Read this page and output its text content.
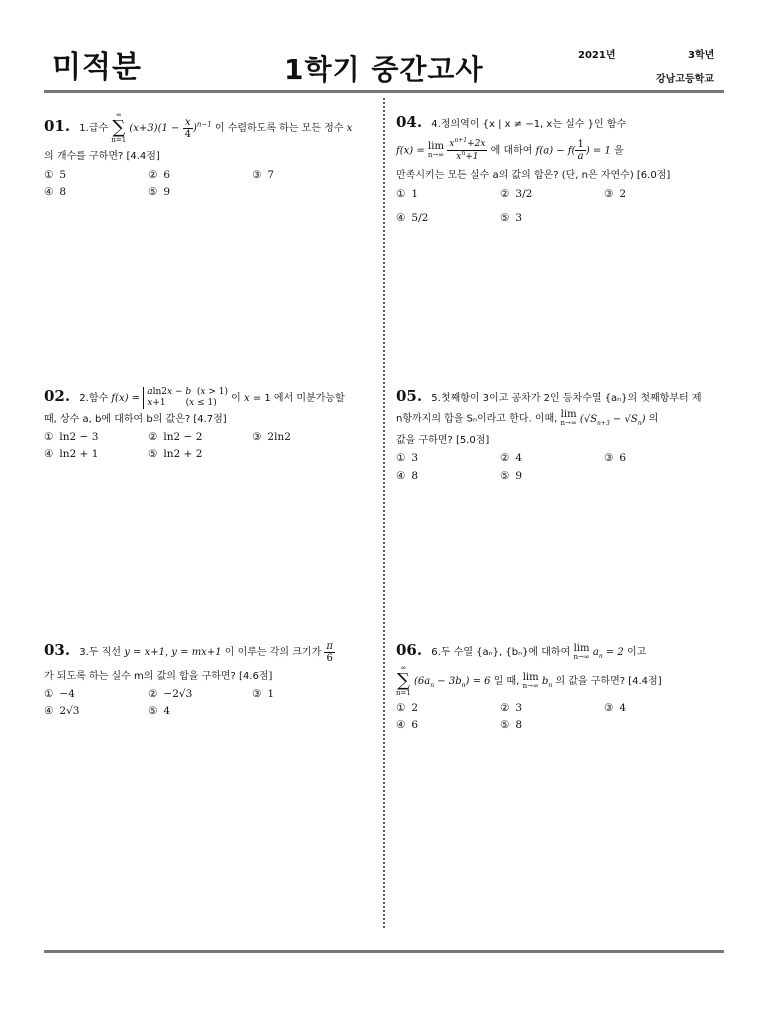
미적분	1학기 중간고사	2021년	3학년
강남고등학교
01. 1.급수
∞
∑
n=1
$(x+3)(1 - \frac{x}{4} )^{n-1}$ 이 수렴하도록 하는 모든 정수 x
의 개수를 구하면? [4.4점]
① 5	② 6	③ 7
④ 8	⑤ 9
02. 2.함수 f(x) = aln2x − b  (x > 1)
x+1       (x ≤ 1) 이 x = 1 에서 미분가능할
때, 상수 a, b에 대하여 b의 값은? [4.7점]
① ln2 − 3	② ln2 − 2	③ 2ln2
④ ln2 + 1	⑤ ln2 + 2
03. 3.두 직선 y = x+1, y = mx+1 이 이루는 각의 크기가 $\frac{\pi}{6}$
가 되도록 하는 실수 m의 값의 합을 구하면? [4.6점]
① −4	② −2√3	③ 1
④ 2√3	⑤ 4
04. 4.정의역이 {x | x ≠ −1, x는 실수 }인 함수
f(x) = lim
n→∞
$\frac{x^{n+1}+2x}{x^n+1}$ 에 대하여 $f(a) - f( \frac{1}{a}$ ) = 1 을
만족시키는 모든 실수 a의 값의 합은? (단, n은 자연수) [6.0점]
① 1	② 3/2	③ 2
④ 5/2	⑤ 3
05. 5.첫째항이 3이고 공차가 2인 등차수열 {aₙ}의 첫째항부터 제
n항까지의 합을 Sₙ이라고 한다. 이때, lim
n→∞ $(√S_{n+3} - √S_n)$ 의
값을 구하면? [5.0점]
① 3	② 4	③ 6
④ 8	⑤ 9
06. 6.두 수열 {aₙ}, {bₙ}에 대하여 lim
n→∞ $a_n = 2$ 이고
∞
∑
n=1
$(6a_n - 3b_n) = 6$ 일 때, lim
n→∞ $b_n$ 의 값을 구하면? [4.4점]
① 2	② 3	③ 4
④ 6	⑤ 8
